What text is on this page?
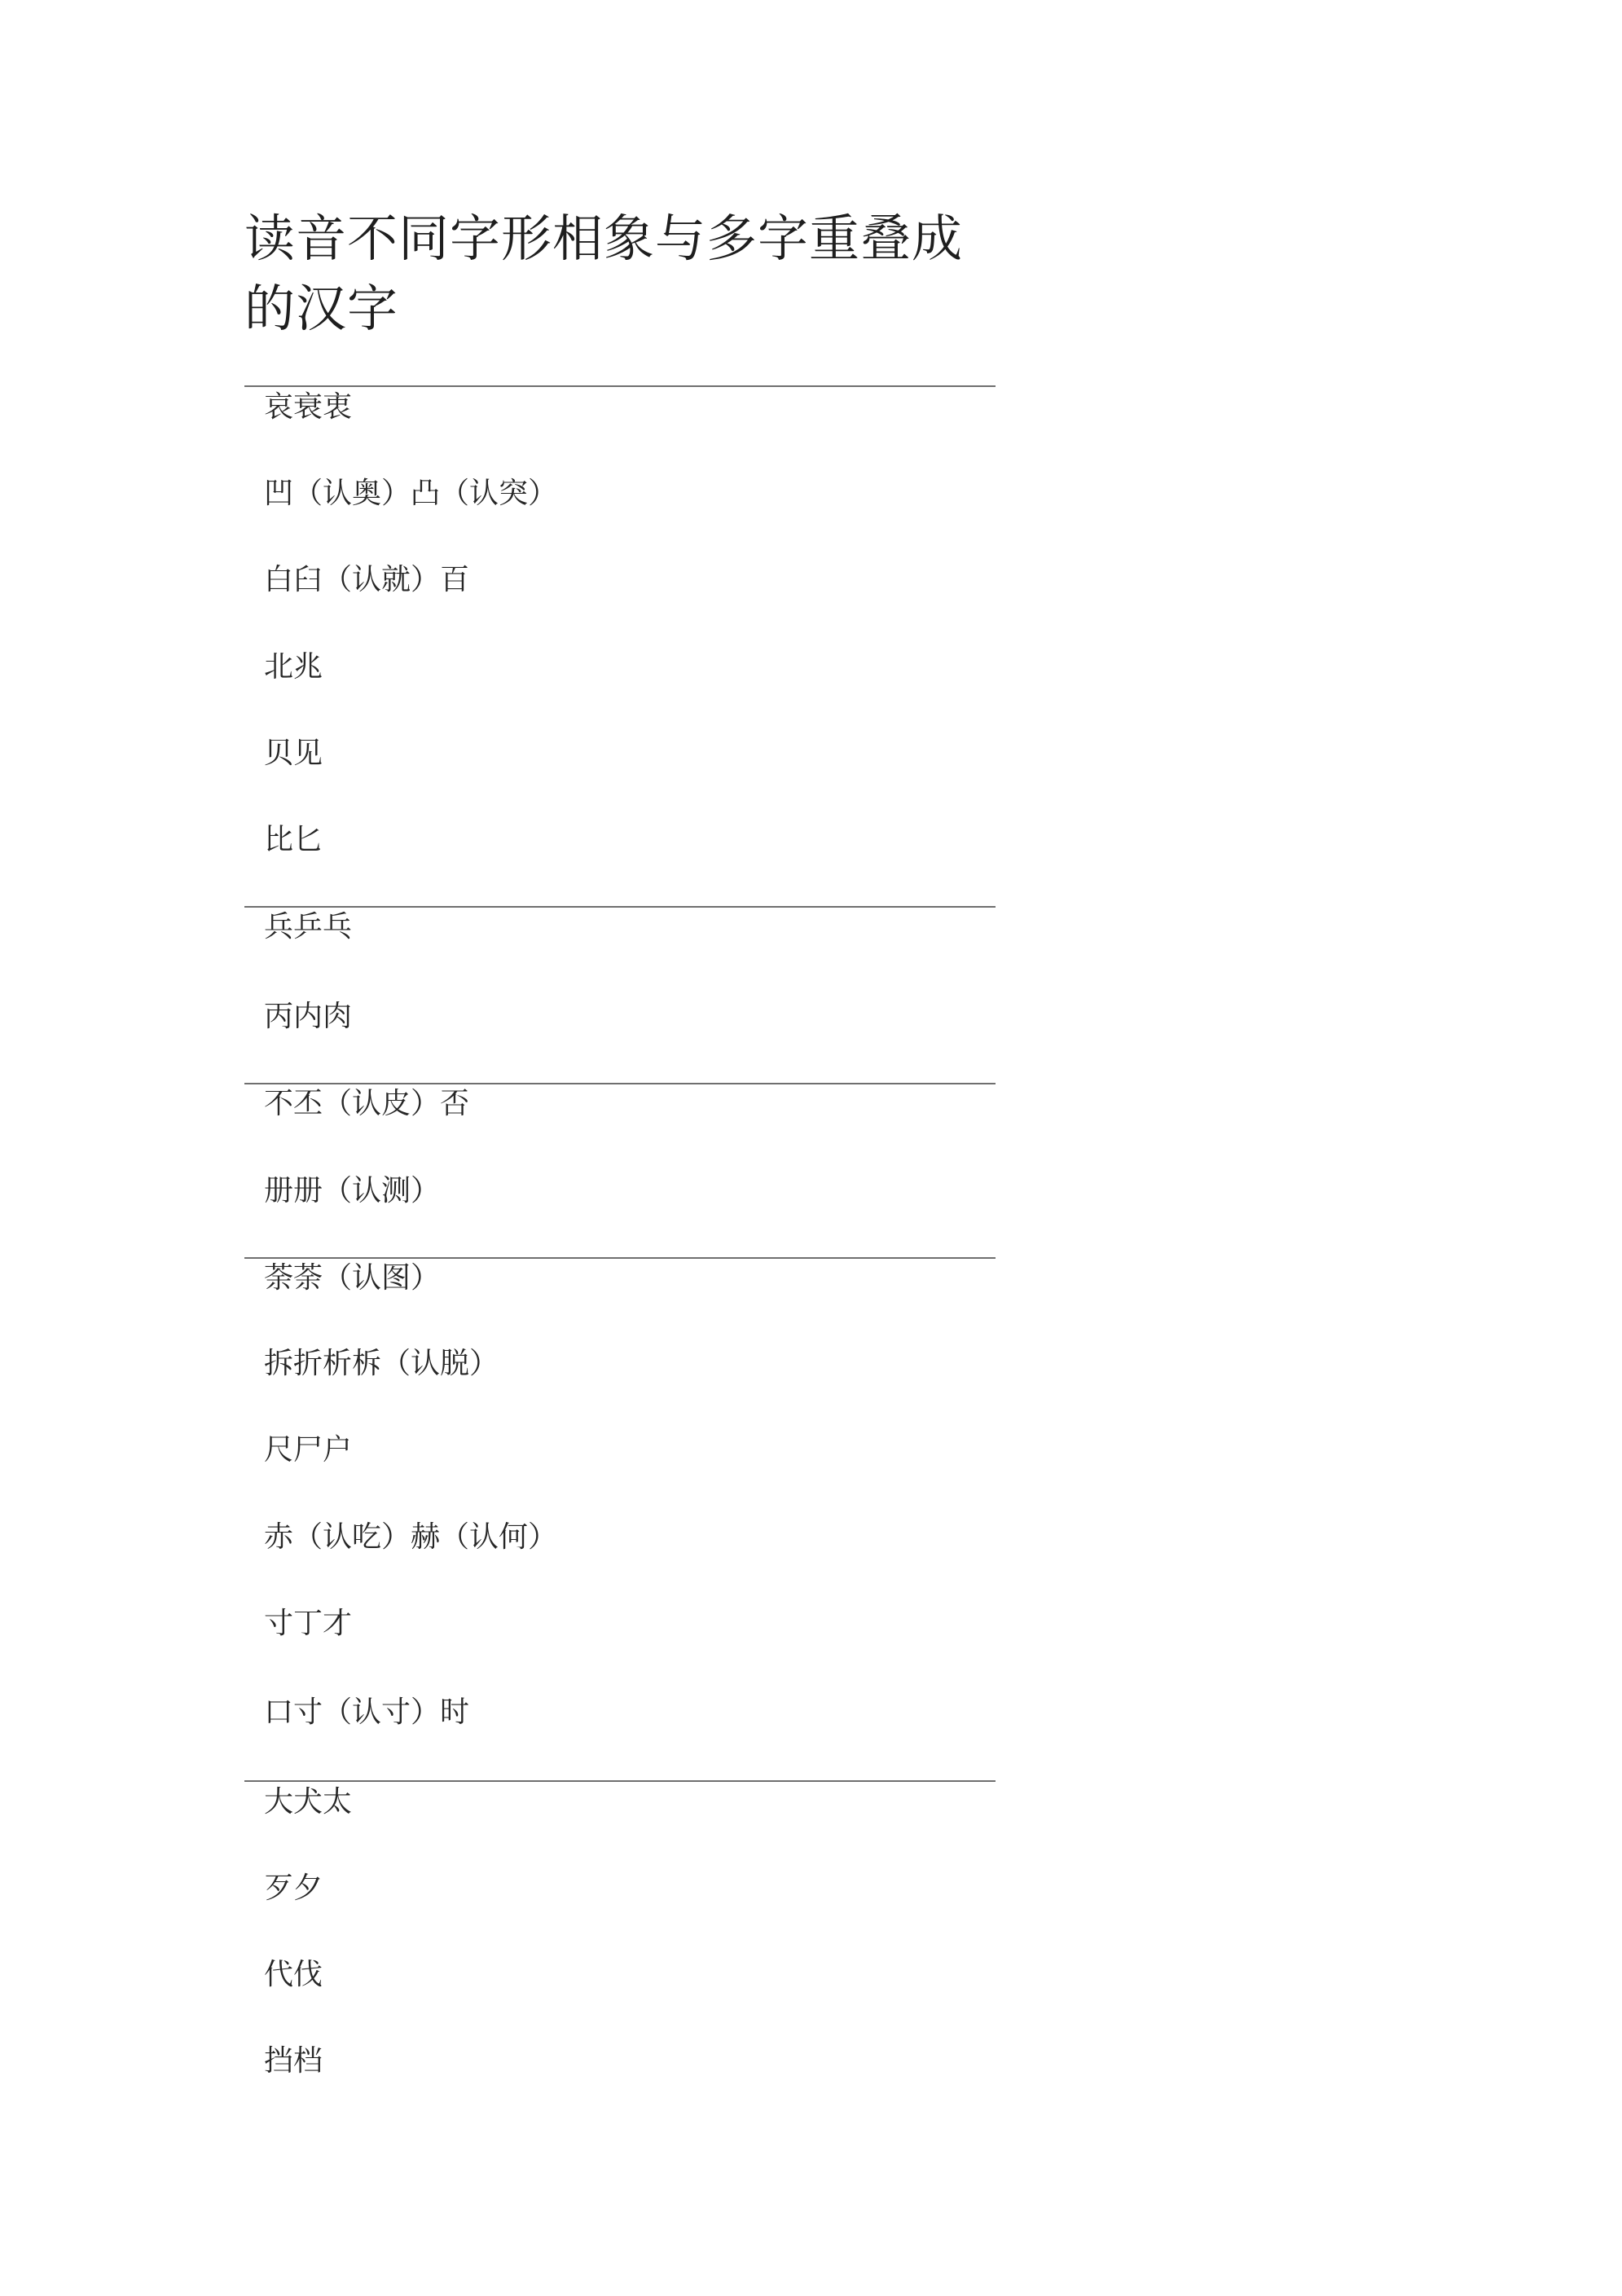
读音不同字形相象与多字重叠成
的汉字
哀衰衷
凹（认奥）凸（认突）
白臼（认就）百
北兆
贝见
比匕
兵乒乓
丙内肉
不丕（认皮）否
册册（认测）
荼荼（认图）
拆折析柝（认脱）
尺尸户
赤（认吃）赫（认何）
寸丁才
口寸（认寸）时
大犬太
歹夕
代伐
挡档
